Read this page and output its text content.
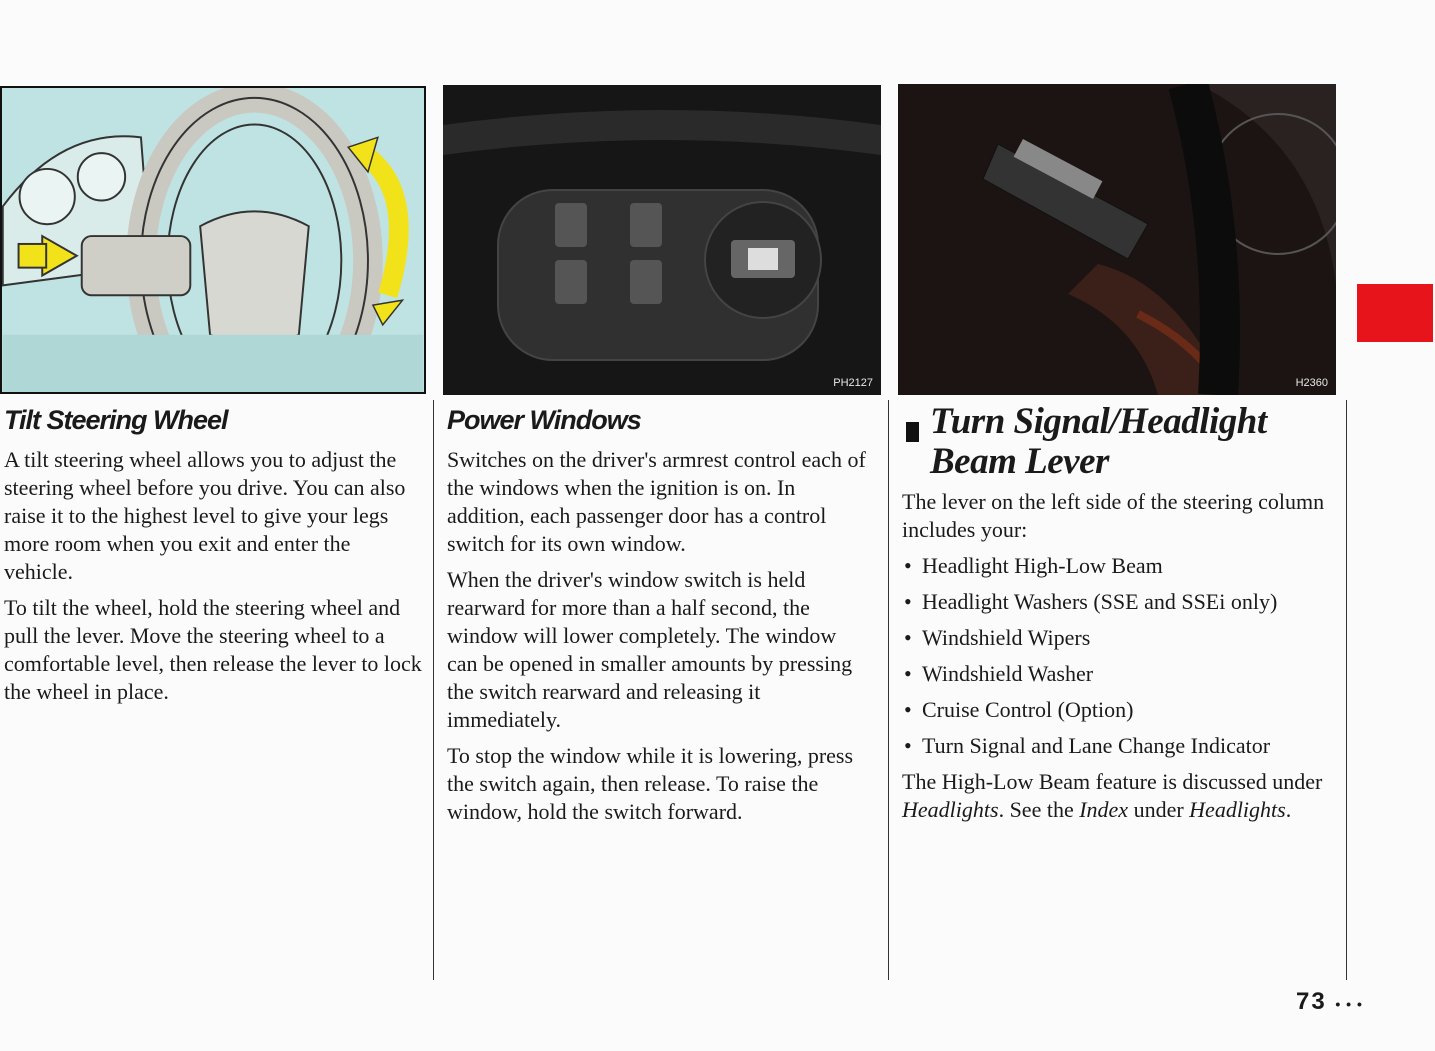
PH2127	H2360
Tilt Steering Wheel

A tilt steering wheel allows you to adjust the steering wheel before you drive. You can also raise it to the highest level to give your legs more room when you exit and enter the vehicle.

To tilt the wheel, hold the steering wheel and pull the lever. Move the steering wheel to a comfortable level, then release the lever to lock the wheel in place.

Power Windows

Switches on the driver's armrest control each of the windows when the ignition is on. In addition, each passenger door has a control switch for its own window.

When the driver's window switch is held rearward for more than a half second, the window will lower completely. The window can be opened in smaller amounts by pressing the switch rearward and releasing it immediately.

To stop the window while it is lowering, press the switch again, then release. To raise the window, hold the switch forward.

Turn Signal/Headlight Beam Lever

The lever on the left side of the steering column includes your:

• Headlight High-Low Beam
• Headlight Washers (SSE and SSEi only)
• Windshield Wipers
• Windshield Washer
• Cruise Control (Option)
• Turn Signal and Lane Change Indicator

The High-Low Beam feature is discussed under Headlights. See the Index under Headlights.

73 • • •
